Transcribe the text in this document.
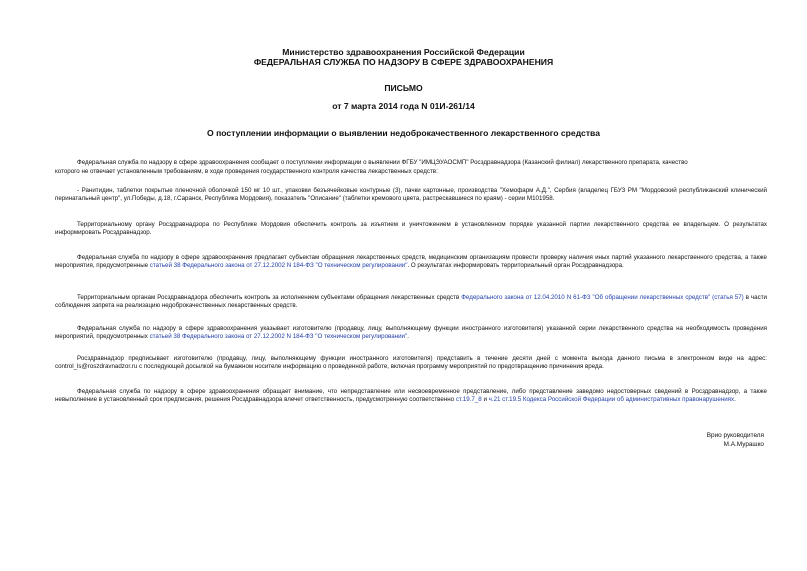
Министерство здравоохранения Российской Федерации
ФЕДЕРАЛЬНАЯ СЛУЖБА ПО НАДЗОРУ В СФЕРЕ ЗДРАВООХРАНЕНИЯ
ПИСЬМО
от 7 марта 2014 года N 01И-261/14
О поступлении информации о выявлении недоброкачественного лекарственного средства

Федеральная служба по надзору в сфере здравоохранения сообщает о поступлении информации о выявлении ФГБУ "ИМЦЭУАОСМП" Росздравнадзора (Казанский филиал) лекарственного препарата, качество

которого не отвечает установленным требованиям, в ходе проведения государственного контроля качества лекарственных средств:

- Ранитидин, таблетки покрытые пленочной оболочкой 150 мг 10 шт., упаковки безъячейковые контурные (3), пачки картонные, производства "Хемофарм А.Д.", Сербия (владелец ГБУЗ РМ "Мордовский республиканский клинический перинатальный центр", ул.Победы, д.18, г.Саранск, Республика Мордовия), показатель "Описание" (таблетки кремового цвета, растрескавшиеся по краям) - серии М101958.

Территориальному органу Росздравнадзора по Республике Мордовия обеспечить контроль за изъятием и уничтожением в установленном порядке указанной партии лекарственного средства ее владельцем. О результатах информировать Росздравнадзор.

Федеральная служба по надзору в сфере здравоохранения предлагает субъектам обращения лекарственных средств, медицинским организациям провести проверку наличия иных партий указанного лекарственного средства, а также мероприятия, предусмотренные статьей 38 Федерального закона от 27.12.2002 N 184-ФЗ "О техническом регулировании". О результатах информировать территориальный орган Росздравнадзора.

Территориальным органам Росздравнадзора обеспечить контроль за исполнением субъектами обращения лекарственных средств Федерального закона от 12.04.2010 N 61-ФЗ "Об обращении лекарственных средств" (статья 57) в части соблюдения запрета на реализацию недоброкачественных лекарственных средств.

Федеральная служба по надзору в сфере здравоохранения указывает изготовителю (продавцу, лицу, выполняющему функции иностранного изготовителя) указанной серии лекарственного средства на необходимость проведения мероприятий, предусмотренных статьей 38 Федерального закона от 27.12.2002 N 184-ФЗ "О техническом регулировании".

Росздравнадзор предписывает изготовителю (продавцу, лицу, выполняющему функции иностранного изготовителя) представить в течение десяти дней с момента выхода данного письма в электронном виде на адрес: control_ls@roszdravnadzor.ru с последующей досылкой на бумажном носителе информацию о проведенной работе, включая программу мероприятий по предотвращению причинения вреда.

Федеральная служба по надзору в сфере здравоохранения обращает внимание, что непредставление или несвоевременное представление, либо представление заведомо недостоверных сведений в Росздравнадзор, а также невыполнение в установленный срок предписания, решения Росздравнадзора влечет ответственность, предусмотренную соответственно ст.19.7_8 и ч.21 ст.19.5 Кодекса Российской Федерации об административных правонарушениях.

Врио руководителя
М.А.Мурашко
